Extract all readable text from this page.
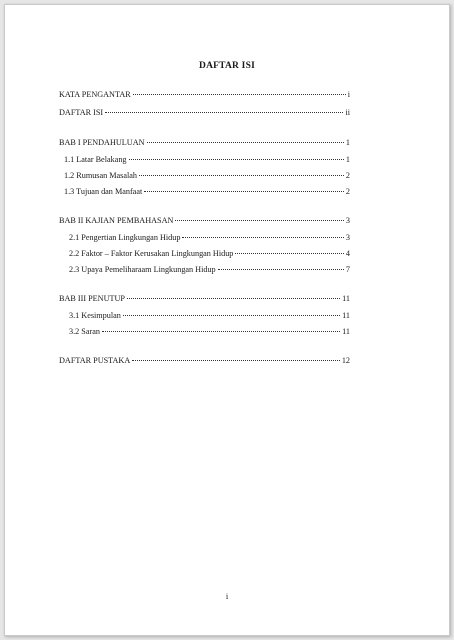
DAFTAR ISI
KATA PENGANTAR	i
DAFTAR ISI	ii
BAB I PENDAHULUAN	1
1.1 Latar Belakang	1
1.2 Rumusan Masalah	2
1.3 Tujuan dan Manfaat	2
BAB II KAJIAN PEMBAHASAN	3
2.1 Pengertian Lingkungan Hidup	3
2.2 Faktor – Faktor Kerusakan Lingkungan Hidup	4
2.3 Upaya Pemeliharaam Lingkungan Hidup	7
BAB III PENUTUP	11
3.1 Kesimpulan	11
3.2 Saran	11
DAFTAR PUSTAKA	12
i
